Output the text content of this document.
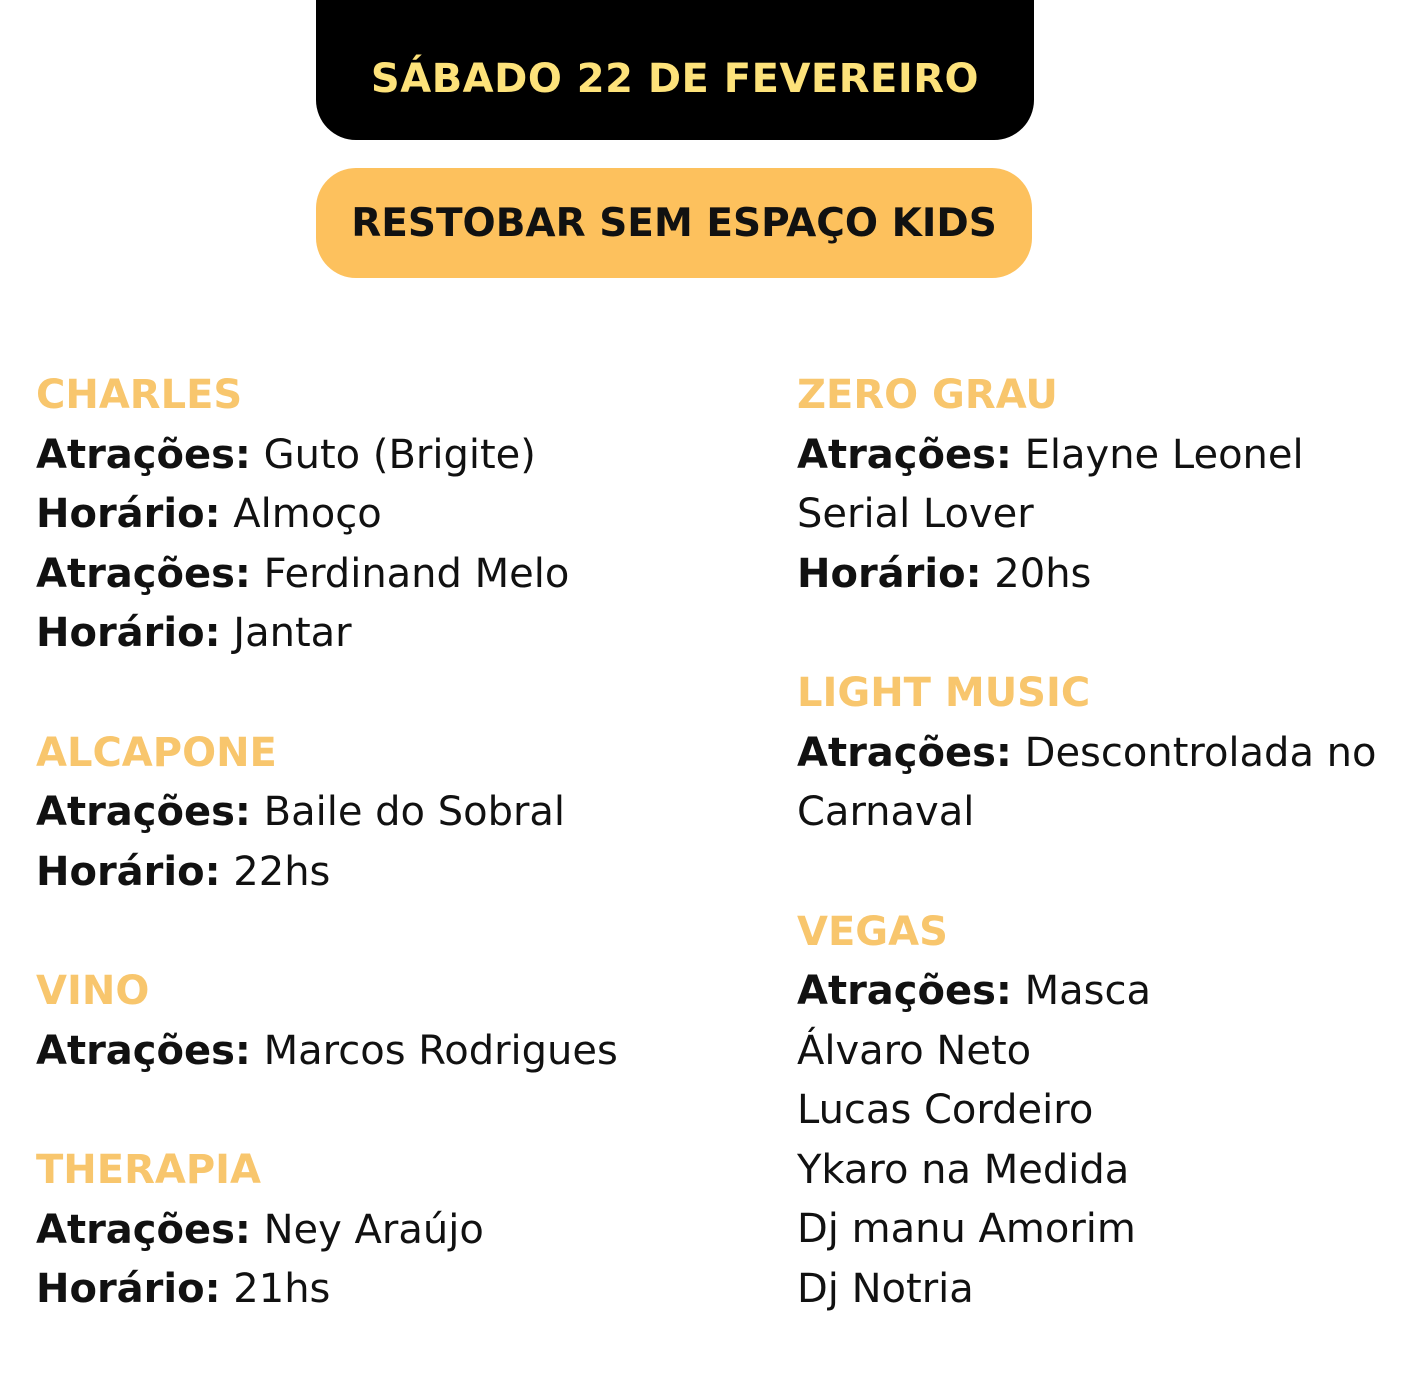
SÁBADO 22 DE FEVEREIRO
RESTOBAR SEM ESPAÇO KIDS
CHARLES
Atrações: Guto (Brigite)
Horário: Almoço
Atrações: Ferdinand Melo
Horário: Jantar
ALCAPONE
Atrações: Baile do Sobral
Horário: 22hs
VINO
Atrações: Marcos Rodrigues
THERAPIA
Atrações: Ney Araújo
Horário: 21hs
ZERO GRAU
Atrações: Elayne Leonel
Serial Lover
Horário: 20hs
LIGHT MUSIC
Atrações: Descontrolada no
Carnaval
VEGAS
Atrações: Masca
Álvaro Neto
Lucas Cordeiro
Ykaro na Medida
Dj manu Amorim
Dj Notria
